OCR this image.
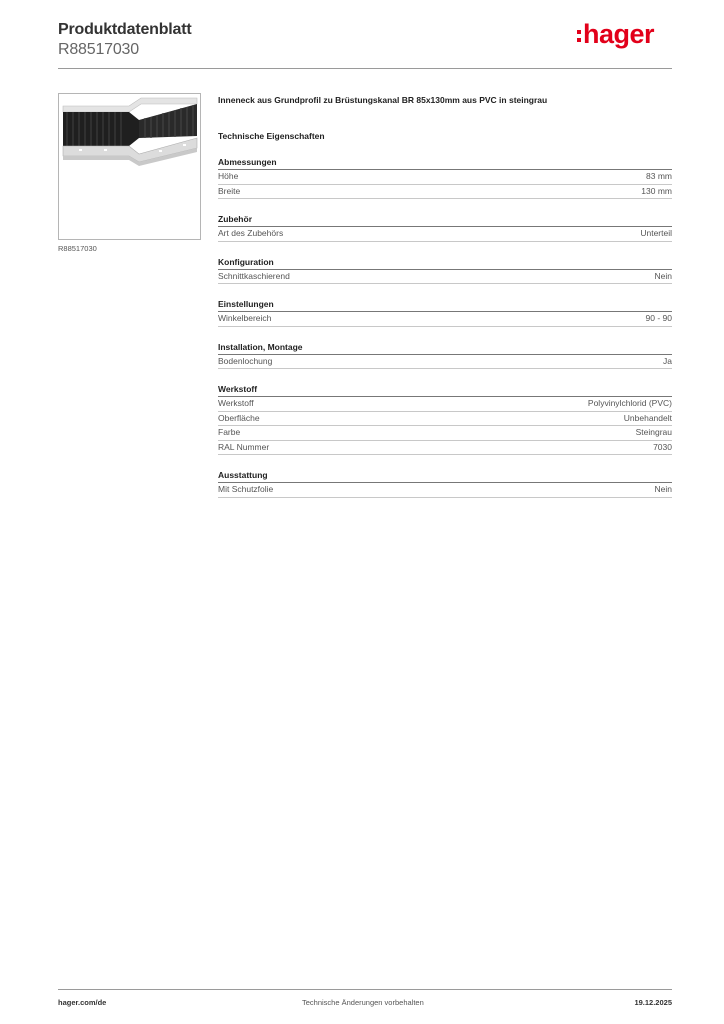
Produktdatenblatt
R88517030
hager
R88517030
Inneneck aus Grundprofil zu Brüstungskanal BR 85x130mm aus PVC in steingrau
Technische Eigenschaften
Abmessungen
Höhe	83 mm
Breite	130 mm
Zubehör
Art des Zubehörs	Unterteil
Konfiguration
Schnittkaschierend	Nein
Einstellungen
Winkelbereich	90 - 90
Installation, Montage
Bodenlochung	Ja
Werkstoff
Werkstoff	Polyvinylchlorid (PVC)
Oberfläche	Unbehandelt
Farbe	Steingrau
RAL Nummer	7030
Ausstattung
Mit Schutzfolie	Nein
hager.com/de	Technische Änderungen vorbehalten	19.12.2025
